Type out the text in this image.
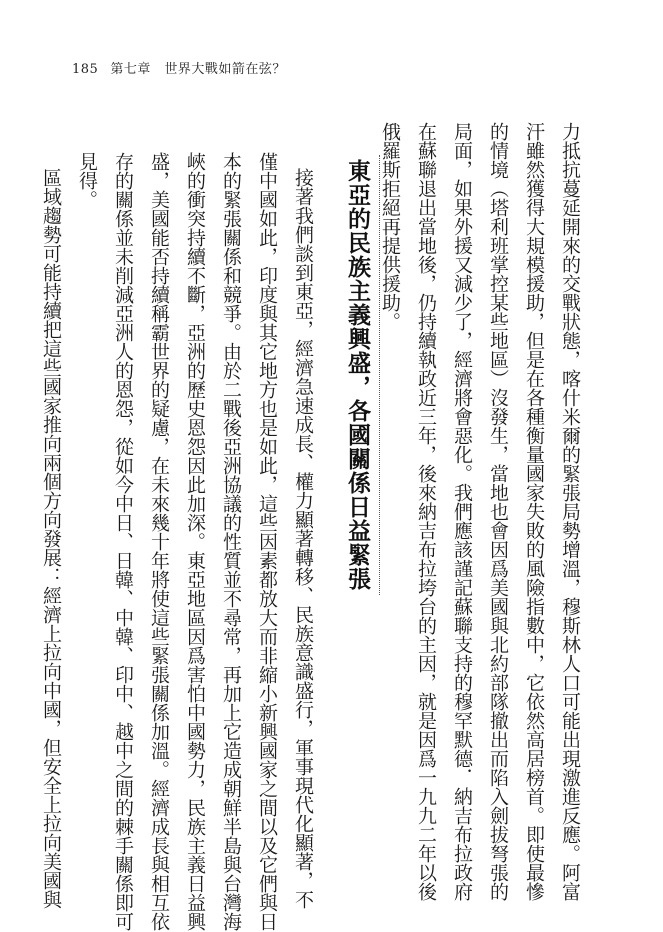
185 第七章　世界大戰如箭在弦？
力抵抗蔓延開來的交戰狀態，喀什米爾的緊張局勢增溫，穆斯林人口可能出現激進反應。阿富
汗雖然獲得大規模援助，但是在各種衡量國家失敗的風險指數中，它依然高居榜首。即使最慘
的情境（塔利班掌控某些地區）沒發生，當地也會因爲美國與北約部隊撤出而陷入劍拔弩張的
局面，如果外援又減少了，經濟將會惡化。我們應該謹記蘇聯支持的穆罕默德．納吉布拉政府
在蘇聯退出當地後，仍持續執政近三年，後來納吉布拉垮台的主因，就是因爲一九九二年以後
俄羅斯拒絕再提供援助。
東亞的民族主義興盛，各國關係日益緊張
接著我們談到東亞，經濟急速成長、權力顯著轉移、民族意識盛行，軍事現代化顯著，不
僅中國如此，印度與其它地方也是如此，這些因素都放大而非縮小新興國家之間以及它們與日
本的緊張關係和競爭。由於二戰後亞洲協議的性質並不尋常，再加上它造成朝鮮半島與台灣海
峽的衝突持續不斷，亞洲的歷史恩怨因此加深。東亞地區因爲害怕中國勢力，民族主義日益興
盛，美國能否持續稱霸世界的疑慮，在未來幾十年將使這些緊張關係加溫。經濟成長與相互依
存的關係並未削減亞洲人的恩怨，從如今中日、日韓、中韓、印中、越中之間的棘手關係即可
見得。
區域趨勢可能持續把這些國家推向兩個方向發展：經濟上拉向中國，但安全上拉向美國與
